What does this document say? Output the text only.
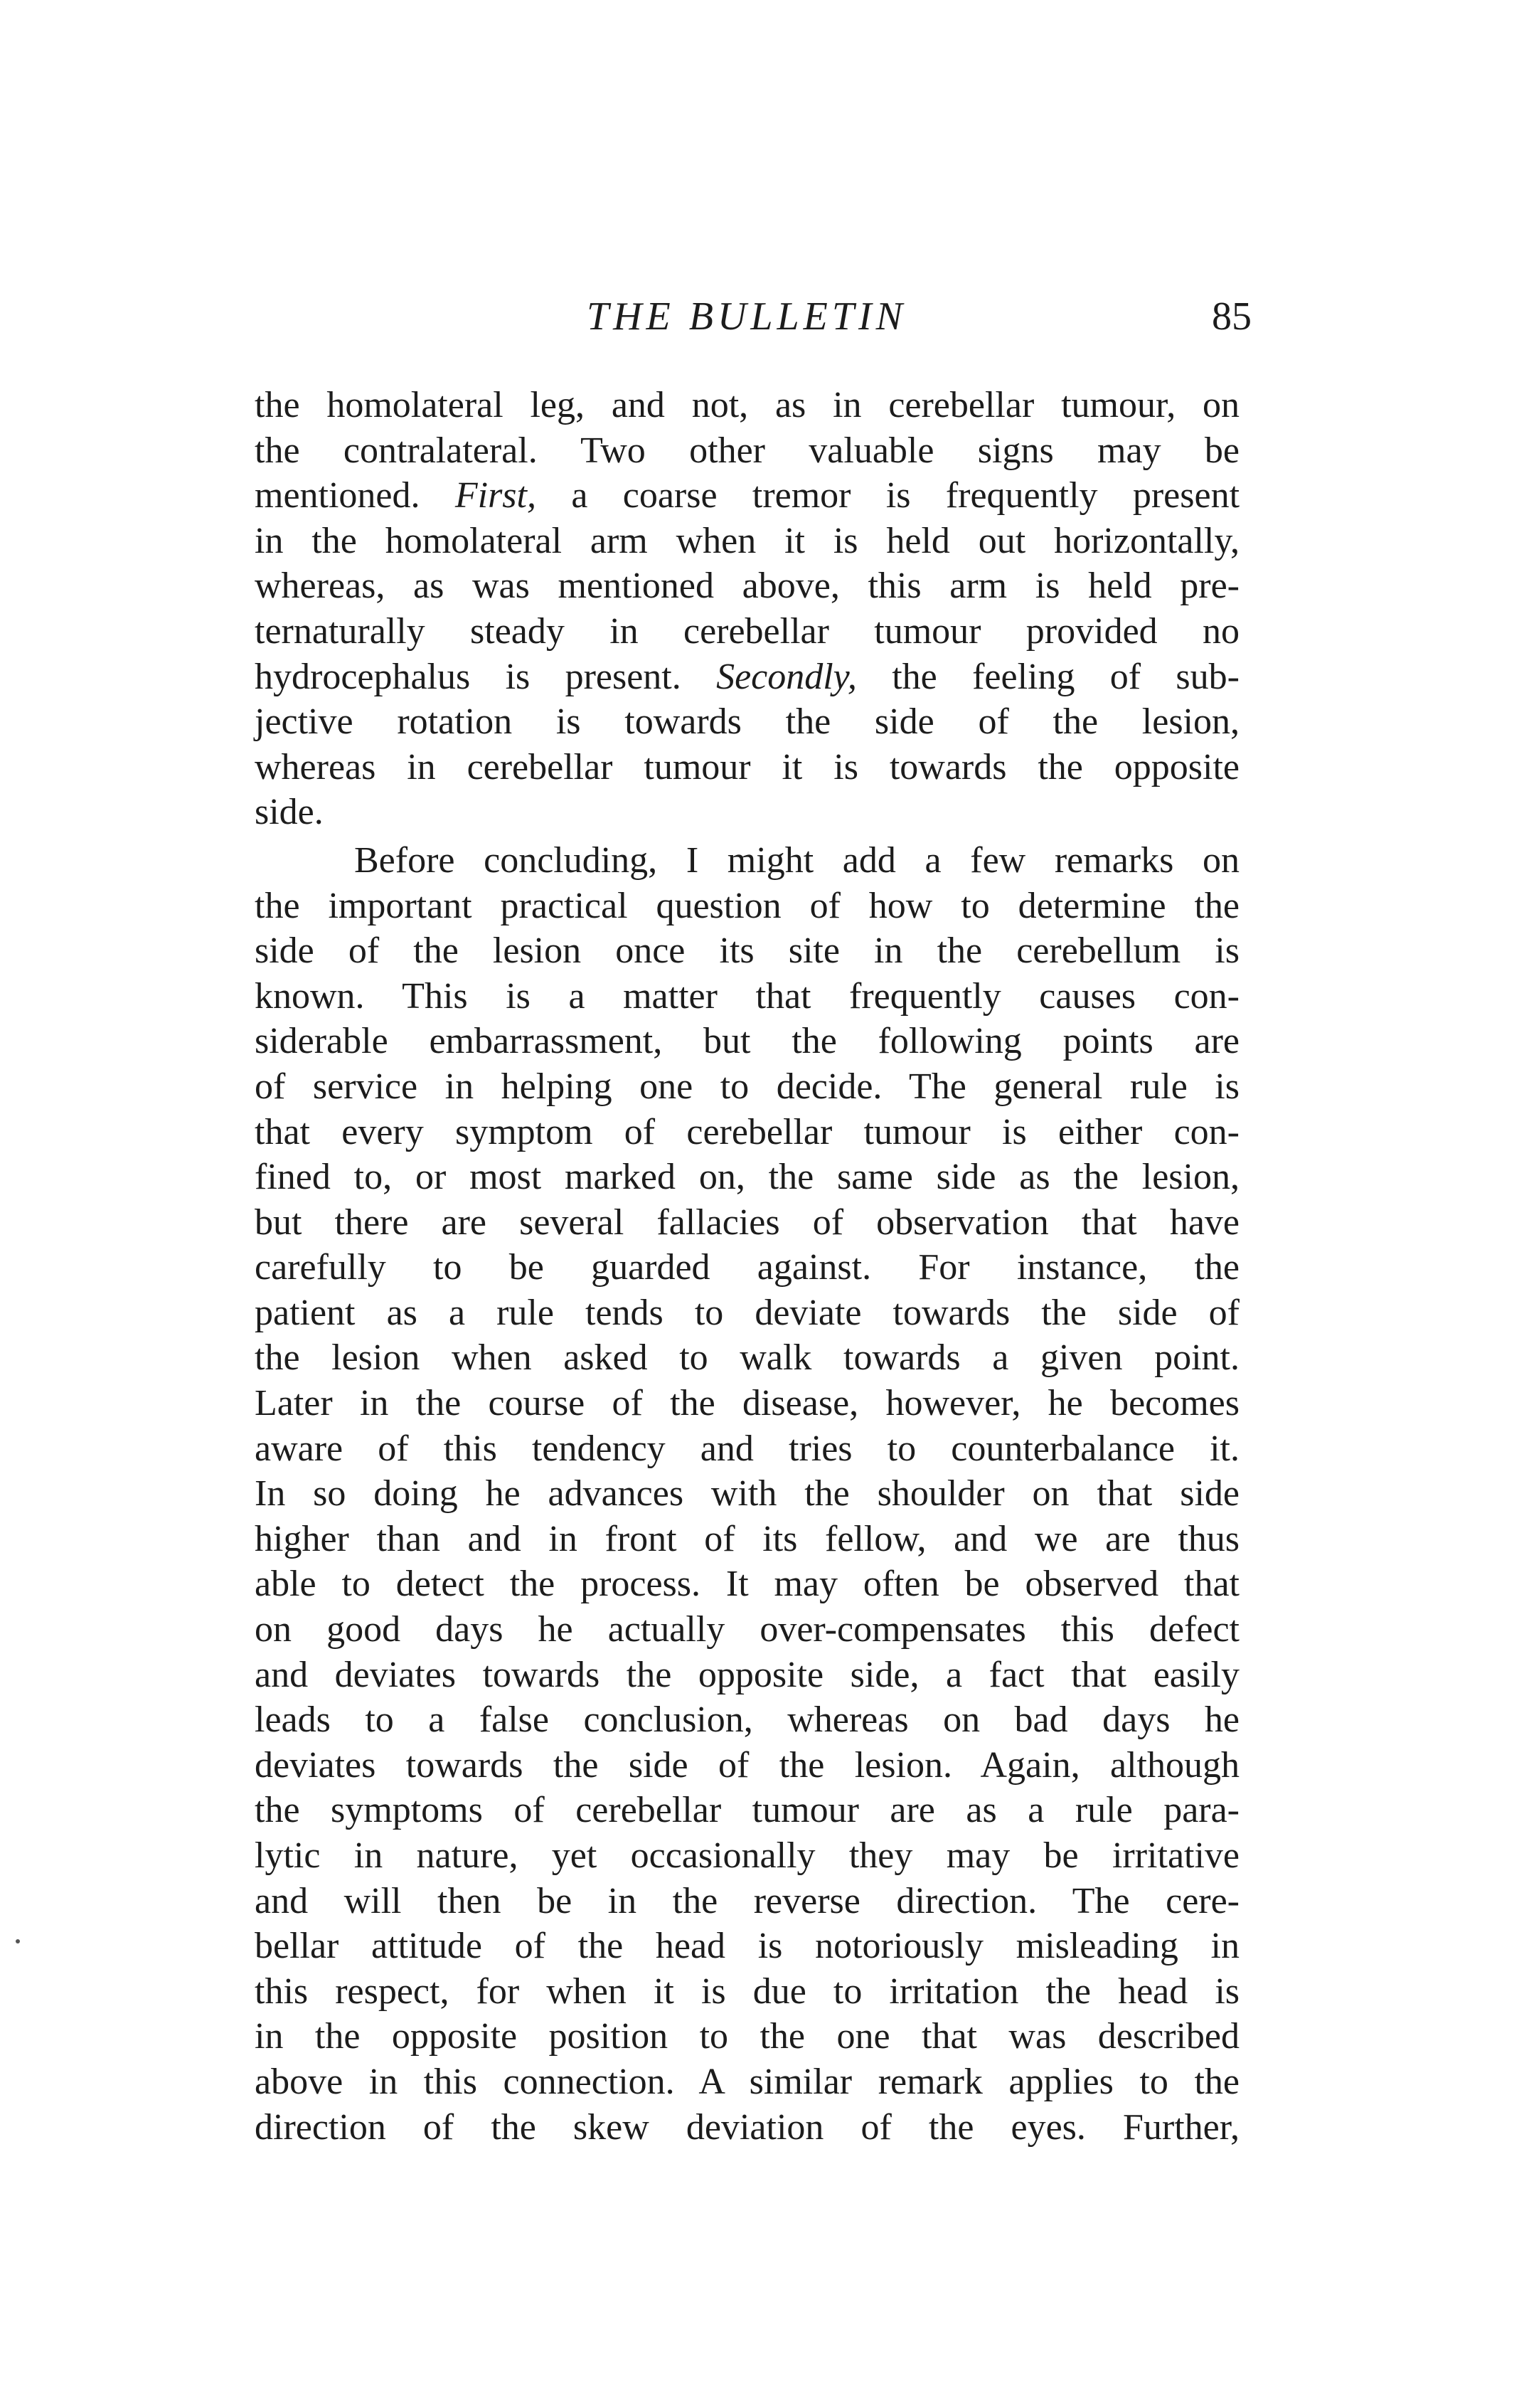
THE BULLETIN	85

the homolateral leg, and not, as in cerebellar tumour, on
the contralateral. Two other valuable signs may be
mentioned. First, a coarse tremor is frequently present
in the homolateral arm when it is held out horizontally,
whereas, as was mentioned above, this arm is held pre-
ternaturally steady in cerebellar tumour provided no
hydrocephalus is present. Secondly, the feeling of sub-
jective rotation is towards the side of the lesion,
whereas in cerebellar tumour it is towards the opposite
side.

Before concluding, I might add a few remarks on
the important practical question of how to determine the
side of the lesion once its site in the cerebellum is
known. This is a matter that frequently causes con-
siderable embarrassment, but the following points are
of service in helping one to decide. The general rule is
that every symptom of cerebellar tumour is either con-
fined to, or most marked on, the same side as the lesion,
but there are several fallacies of observation that have
carefully to be guarded against. For instance, the
patient as a rule tends to deviate towards the side of
the lesion when asked to walk towards a given point.
Later in the course of the disease, however, he becomes
aware of this tendency and tries to counterbalance it.
In so doing he advances with the shoulder on that side
higher than and in front of its fellow, and we are thus
able to detect the process. It may often be observed that
on good days he actually over-compensates this defect
and deviates towards the opposite side, a fact that easily
leads to a false conclusion, whereas on bad days he
deviates towards the side of the lesion. Again, although
the symptoms of cerebellar tumour are as a rule para-
lytic in nature, yet occasionally they may be irritative
and will then be in the reverse direction. The cere-
bellar attitude of the head is notoriously misleading in
this respect, for when it is due to irritation the head is
in the opposite position to the one that was described
above in this connection. A similar remark applies to the
direction of the skew deviation of the eyes. Further,
